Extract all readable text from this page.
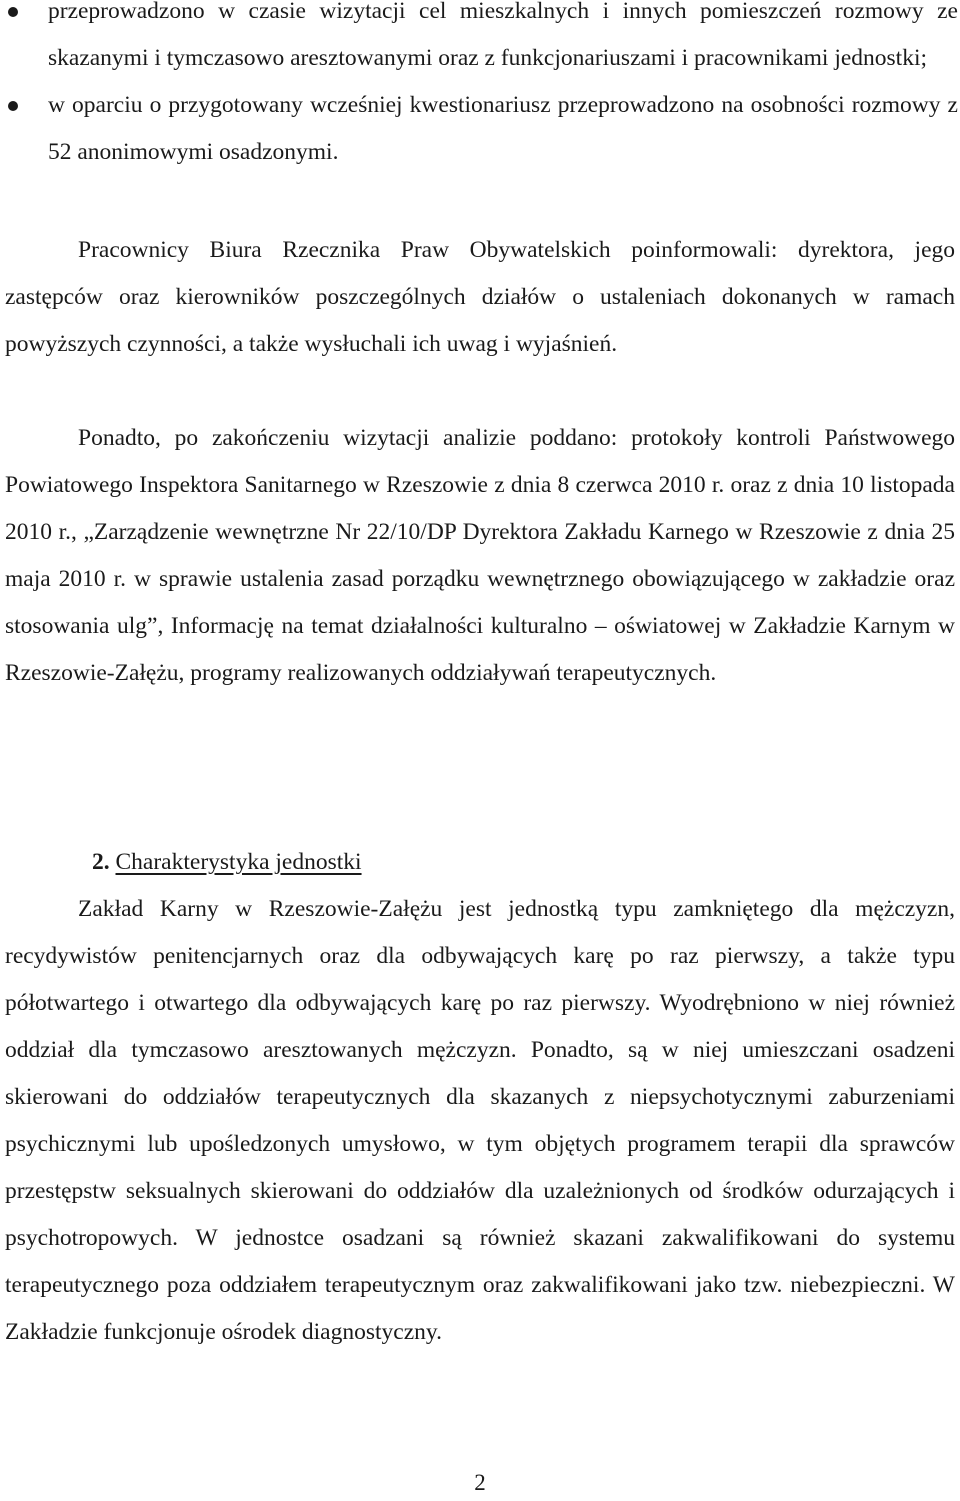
przeprowadzono w czasie wizytacji cel mieszkalnych i innych pomieszczeń rozmowy ze skazanymi i tymczasowo aresztowanymi oraz z funkcjonariuszami i pracownikami jednostki;
w oparciu o przygotowany wcześniej kwestionariusz przeprowadzono na osobności rozmowy z 52 anonimowymi osadzonymi.

Pracownicy Biura Rzecznika Praw Obywatelskich poinformowali: dyrektora, jego zastępców oraz kierowników poszczególnych działów o ustaleniach dokonanych w ramach powyższych czynności, a także wysłuchali ich uwag i wyjaśnień.

Ponadto, po zakończeniu wizytacji analizie poddano: protokoły kontroli Państwowego Powiatowego Inspektora Sanitarnego w Rzeszowie z dnia 8 czerwca 2010 r. oraz z dnia 10 listopada 2010 r., „Zarządzenie wewnętrzne Nr 22/10/DP Dyrektora Zakładu Karnego w Rzeszowie z dnia 25 maja 2010 r. w sprawie ustalenia zasad porządku wewnętrznego obowiązującego w zakładzie oraz stosowania ulg”, Informację na temat działalności kulturalno – oświatowej w Zakładzie Karnym w Rzeszowie-Załężu, programy realizowanych oddziaływań terapeutycznych.

2. Charakterystyka jednostki

Zakład Karny w Rzeszowie-Załężu jest jednostką typu zamkniętego dla mężczyzn, recydywistów penitencjarnych oraz dla odbywających karę po raz pierwszy, a także typu półotwartego i otwartego dla odbywających karę po raz pierwszy. Wyodrębniono w niej również oddział dla tymczasowo aresztowanych mężczyzn. Ponadto, są w niej umieszczani osadzeni skierowani do oddziałów terapeutycznych dla skazanych z niepsychotycznymi zaburzeniami psychicznymi lub upośledzonych umysłowo, w tym objętych programem terapii dla sprawców przestępstw seksualnych skierowani do oddziałów dla uzależnionych od środków odurzających i psychotropowych. W jednostce osadzani są również skazani zakwalifikowani do systemu terapeutycznego poza oddziałem terapeutycznym oraz zakwalifikowani jako tzw. niebezpieczni. W Zakładzie funkcjonuje ośrodek diagnostyczny.

2
